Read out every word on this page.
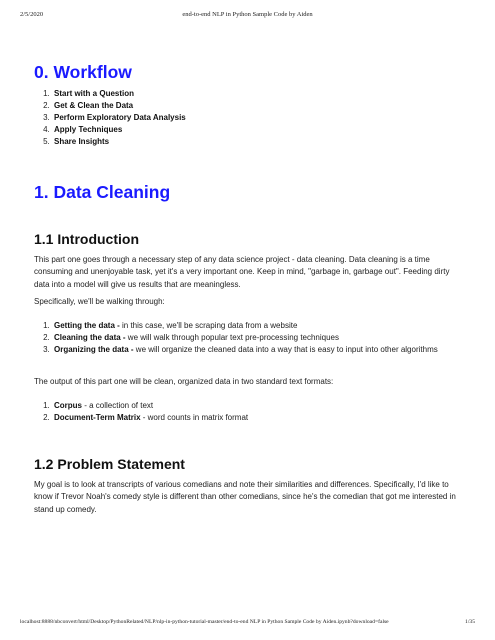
2/5/2020	end-to-end NLP in Python Sample Code by Aiden
0. Workflow
1. Start with a Question
2. Get & Clean the Data
3. Perform Exploratory Data Analysis
4. Apply Techniques
5. Share Insights
1. Data Cleaning
1.1 Introduction

This part one goes through a necessary step of any data science project - data cleaning. Data cleaning is a time consuming and unenjoyable task, yet it's a very important one. Keep in mind, "garbage in, garbage out". Feeding dirty data into a model will give us results that are meaningless.

Specifically, we'll be walking through:

1. Getting the data - in this case, we'll be scraping data from a website
2. Cleaning the data - we will walk through popular text pre-processing techniques
3. Organizing the data - we will organize the cleaned data into a way that is easy to input into other algorithms

The output of this part one will be clean, organized data in two standard text formats:

1. Corpus - a collection of text
2. Document-Term Matrix - word counts in matrix format
1.2 Problem Statement

My goal is to look at transcripts of various comedians and note their similarities and differences. Specifically, I'd like to know if Trevor Noah's comedy style is different than other comedians, since he's the comedian that got me interested in stand up comedy.

localhost:8888/nbconvert/html/Desktop/PythonRelated/NLP/nlp-in-python-tutorial-master/end-to-end NLP in Python Sample Code by Aiden.ipynb?download=false	1/35
